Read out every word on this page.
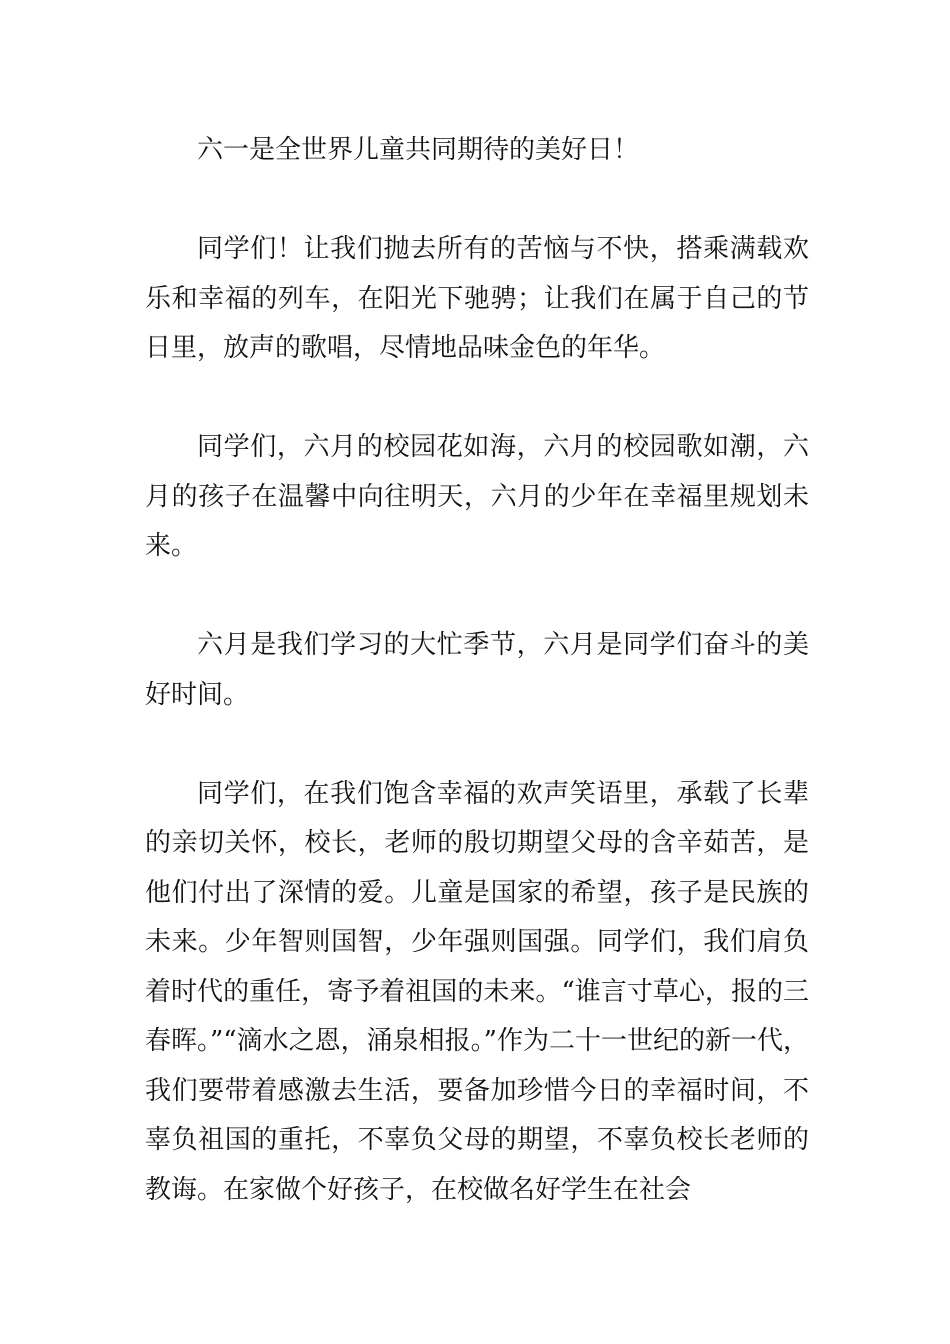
六一是全世界儿童共同期待的美好日！

同学们！让我们抛去所有的苦恼与不快，搭乘满载欢乐和幸福的列车，在阳光下驰骋；让我们在属于自己的节日里，放声的歌唱，尽情地品味金色的年华。

同学们，六月的校园花如海，六月的校园歌如潮，六月的孩子在温馨中向往明天，六月的少年在幸福里规划未来。

六月是我们学习的大忙季节，六月是同学们奋斗的美好时间。

同学们，在我们饱含幸福的欢声笑语里，承载了长辈的亲切关怀，校长，老师的殷切期望父母的含辛茹苦，是他们付出了深情的爱。儿童是国家的希望，孩子是民族的未来。少年智则国智，少年强则国强。同学们，我们肩负着时代的重任，寄予着祖国的未来。“谁言寸草心，报的三春晖。”“滴水之恩，涌泉相报。”作为二十一世纪的新一代，我们要带着感激去生活，要备加珍惜今日的幸福时间，不辜负祖国的重托，不辜负父母的期望，不辜负校长老师的教诲。在家做个好孩子，在校做名好学生在社会
